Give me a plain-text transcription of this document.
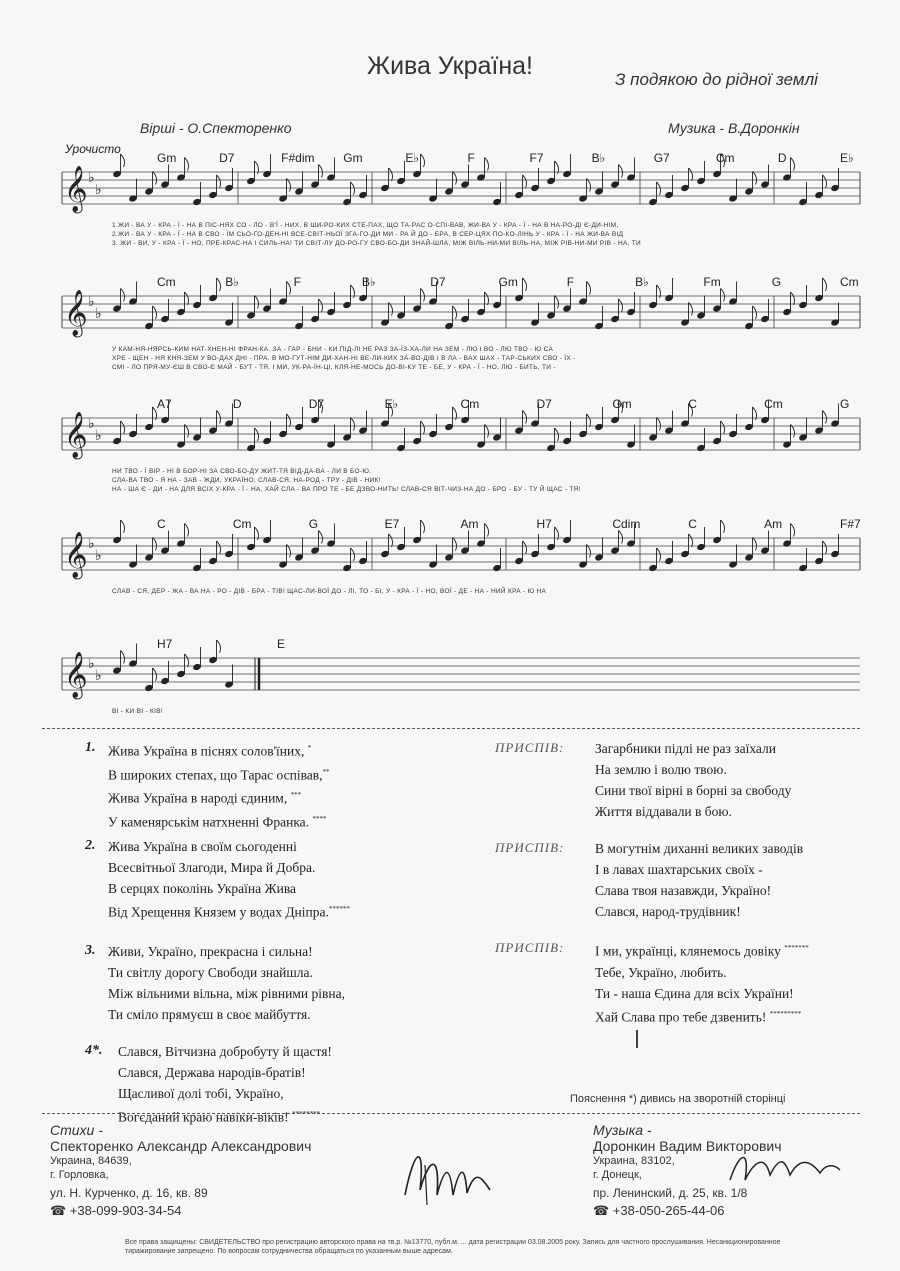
Жива Україна!	З подякою до рідної землі
Вірші - О.Спекторенко	Музика - В.Доронкін
Урочисто
𝄞 ♭
♭
Gm	D7	F#dim Gm	E♭	F	F7	B♭	G7	Cm	D	E♭
1.ЖИ - ВА У - КРА - Ї - НА В ПІС-НЯХ СО - ЛО - В'Ї - НИХ, В ШИ-РО-КИХ СТЕ-ПАХ, ЩО ТА-РАС О-СПІ-ВАВ, ЖИ-ВА У - КРА - Ї - НА В НА-РО-ДІ Є-ДИ-НІМ,
2.ЖИ - ВА У - КРА - Ї - НА В СВО - ЇМ СЬО-ГО-ДЕН-НІ ВСЕ-СВІТ-НЬОЇ ЗГА-ГО-ДИ МИ - РА Й ДО - БРА, В СЕР-ЦЯХ ПО-КО-ЛІНЬ У - КРА - Ї - НА ЖИ-ВА ВІД
3. ЖИ - ВИ, У - КРА - Ї - НО, ПРЕ-КРАС-НА І СИЛЬ-НА! ТИ СВІТ-ЛУ ДО-РО-ГУ СВО-БО-ДИ ЗНАЙ-ШЛА, МІЖ ВІЛЬ-НИ-МИ ВІЛЬ-НА, МІЖ РІВ-НИ-МИ РІВ - НА, ТИ
𝄞 ♭
♭
Cm	B♭	F	B♭	D7	Gm	F	B♭	Fm	G	Cm
У КАМ-НЯ-НЯРСЬ-КИМ НАТ-ХНЕН-НІ ФРАН-КА. ЗА - ГАР - БНИ - КИ ПІД-ЛІ НЕ РАЗ ЗА-ЇЗ-ХА-ЛИ НА ЗЕМ - ЛЮ І ВО - ЛЮ ТВО - Ю СА
ХРЕ - ЩЕН - НЯ КНЯ-ЗЕМ У ВО-ДАХ ДНІ - ПРА. В МО-ГУТ-НІМ ДИ-ХАН-НІ ВЕ-ЛИ-КИХ ЗА-ВО-ДІВ І В ЛА - ВАХ ШАХ - ТАР-СЬКИХ СВО - ЇХ -
СМІ - ЛО ПРЯ-МУ-ЄШ В СВО-Є МАЙ - БУТ - ТЯ. І МИ, УК-РА-ЇН-ЦІ, КЛЯ-НЕ-МОСЬ ДО-ВІ-КУ ТЕ - БЕ, У - КРА - Ї - НО, ЛЮ - БИТЬ, ТИ -
𝄞 ♭
♭
A7	D	D7	E♭	Cm	D7	Gm	C	Cm	G
НИ ТВО - Ї ВІР - НІ В БОР-НІ ЗА СВО-БО-ДУ ЖИТ-ТЯ ВІД-ДА-ВА - ЛИ В БО-Ю.
СЛА-ВА ТВО - Я НА - ЗАВ - ЖДИ, УКРАЇНО, СЛАВ-СЯ, НА-РОД - ТРУ - ДІВ - НИК!
НА - ША Є - ДИ - НА ДЛЯ ВСІХ У-КРА - Ї - НА, ХАЙ СЛА - ВА ПРО ТЕ - БЕ ДЗВО-НИТЬ! СЛАВ-СЯ ВІТ-ЧИЗ-НА ДО - БРО - БУ - ТУ Й ЩАС - ТЯ!
𝄞 ♭
♭
C	Cm	G	E7	Am	H7	Cdim	C	Am	F#7
СЛАВ - СЯ, ДЕР - ЖА - ВА НА - РО - ДІВ - БРА - ТІВ! ЩАС-ЛИ-ВОЇ ДО - ЛІ, ТО - БІ, У - КРА - Ї - НО, ВОЇ - ДЕ - НА - НИЙ КРА - Ю НА
𝄞 ♭
♭
H7	E
ВІ - КИ ВІ - КІВ!
1. Жива Україна в піснях солов'їних, *
В широких степах, що Тарас оспівав,**
Жива Україна в народі єдиним, ***
У каменярськім натхненні Франка. ****
2. Жива Україна в своїм сьогоденні
Всесвітньої Злагоди, Мира й Добра.
В серцях поколінь Україна Жива
Від Хрещення Князем у водах Дніпра.******
3. Живи, Україно, прекрасна і сильна!
Ти світлу дорогу Свободи знайшла.
Між вільними вільна, між рівними рівна,
Ти сміло прямуєш в своє майбуття.
4*. Слався, Вітчизна добробуту й щастя!
Слався, Держава народів-братів!
Щасливої долі тобі, Україно,
Вогєданий краю навіки-віків! ********
ПРИСПІВ: Загарбники підлі не раз заїхали
На землю і волю твою.
Сини твої вірні в борні за свободу
Життя віддавали в бою.
ПРИСПІВ: В могутнім диханні великих заводів
І в лавах шахтарських своїх -
Слава твоя назавжди, Україно!
Слався, народ-трудівник!
ПРИСПІВ: І ми, українці, клянемось довіку *******
Тебе, Україно, любить.
Ти - наша Єдина для всіх України!
Хай Слава про тебе дзвенить! *********
Пояснення *) дивись на зворотній сторінці
Стихи -
Спекторенко Александр Александрович
Украина, 84639,
г. Горловка,
ул. Н. Курченко, д. 16, кв. 89
☎ +38-099-903-34-54
Музыка -
Доронкин Вадим Викторович
Украина, 83102,
г. Донецк,
пр. Ленинский, д. 25, кв. 1/8
☎ +38-050-265-44-06
Все права защищены: СВИДЕТЕЛЬСТВО про регистрацию авторского права на тв.р. №13770, публ.м. ... дата регистрации 03.08.2005 року. Запись для частного прослушивания. Несанкционированное тиражирование запрещено. По вопросам сотрудничества обращаться по указанным выше адресам.
